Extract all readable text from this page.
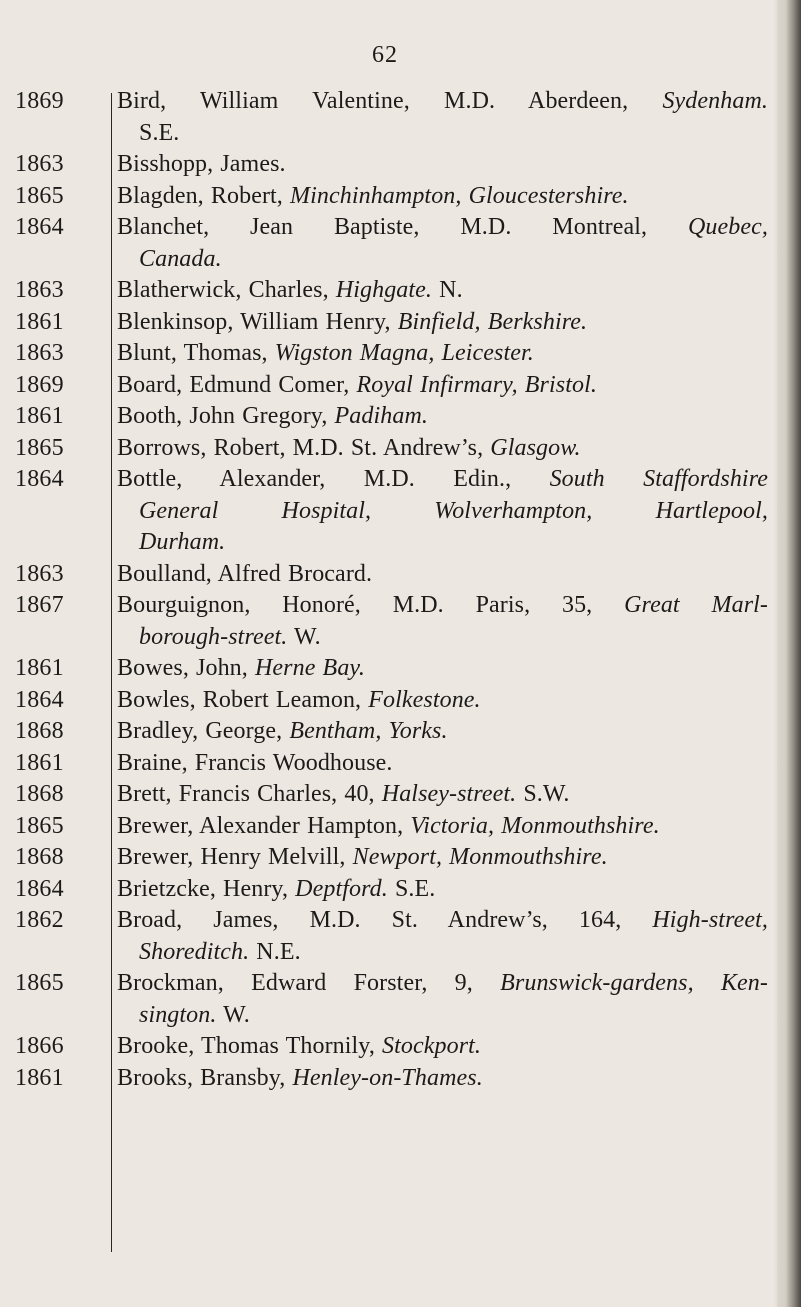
62
1869	Bird, William Valentine, M.D. Aberdeen, Sydenham.
S.E.
1863	Bisshopp, James.
1865	Blagden, Robert, Minchinhampton, Gloucestershire.
1864	Blanchet, Jean Baptiste, M.D. Montreal, Quebec,
Canada.
1863	Blatherwick, Charles, Highgate. N.
1861	Blenkinsop, William Henry, Binfield, Berkshire.
1863	Blunt, Thomas, Wigston Magna, Leicester.
1869	Board, Edmund Comer, Royal Infirmary, Bristol.
1861	Booth, John Gregory, Padiham.
1865	Borrows, Robert, M.D. St. Andrew’s, Glasgow.
1864	Bottle, Alexander, M.D. Edin., South Staffordshire
General Hospital, Wolverhampton, Hartlepool,
Durham.
1863	Boulland, Alfred Brocard.
1867	Bourguignon, Honoré, M.D. Paris, 35, Great Marl-
borough-street. W.
1861	Bowes, John, Herne Bay.
1864	Bowles, Robert Leamon, Folkestone.
1868	Bradley, George, Bentham, Yorks.
1861	Braine, Francis Woodhouse.
1868	Brett, Francis Charles, 40, Halsey-street. S.W.
1865	Brewer, Alexander Hampton, Victoria, Monmouthshire.
1868	Brewer, Henry Melvill, Newport, Monmouthshire.
1864	Brietzcke, Henry, Deptford. S.E.
1862	Broad, James, M.D. St. Andrew’s, 164, High-street,
Shoreditch. N.E.
1865	Brockman, Edward Forster, 9, Brunswick-gardens, Ken-
sington. W.
1866	Brooke, Thomas Thornily, Stockport.
1861	Brooks, Bransby, Henley-on-Thames.
